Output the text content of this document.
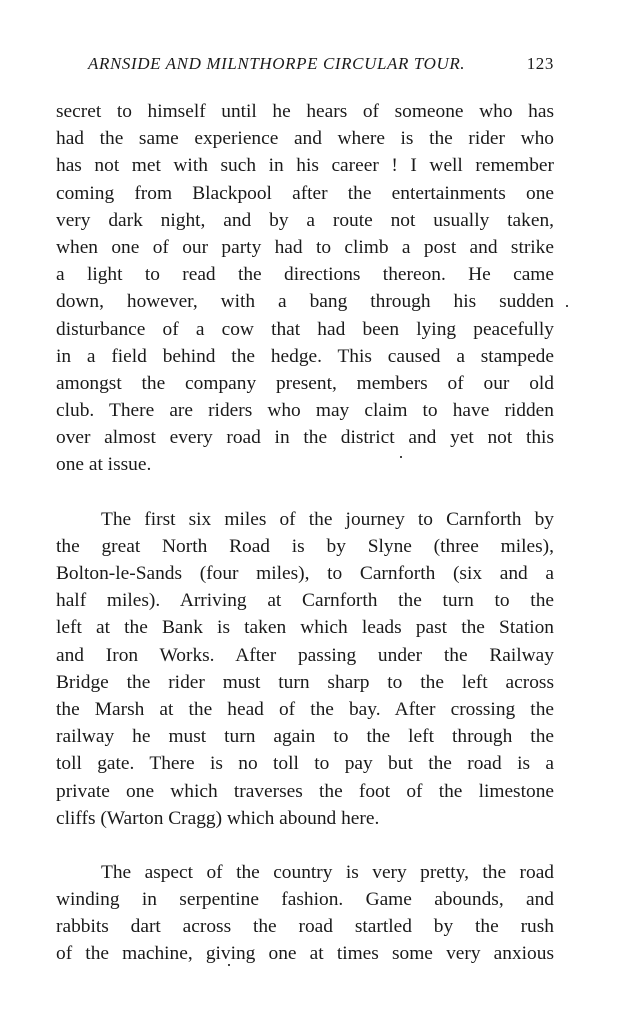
ARNSIDE AND MILNTHORPE CIRCULAR TOUR.	123
secret to himself until he hears of someone who has
had the same experience and where is the rider who
has not met with such in his career ! I well remember
coming from Blackpool after the entertainments one
very dark night, and by a route not usually taken,
when one of our party had to climb a post and strike
a light to read the directions thereon. He came
down, however, with a bang through his sudden
disturbance of a cow that had been lying peacefully
in a field behind the hedge. This caused a stampede
amongst the company present, members of our old
club. There are riders who may claim to have ridden
over almost every road in the district and yet not this
one at issue.
The first six miles of the journey to Carnforth by
the great North Road is by Slyne (three miles),
Bolton-le-Sands (four miles), to Carnforth (six and a
half miles). Arriving at Carnforth the turn to the
left at the Bank is taken which leads past the Station
and Iron Works. After passing under the Railway
Bridge the rider must turn sharp to the left across
the Marsh at the head of the bay. After crossing the
railway he must turn again to the left through the
toll gate. There is no toll to pay but the road is a
private one which traverses the foot of the limestone
cliffs (Warton Cragg) which abound here.
The aspect of the country is very pretty, the road
winding in serpentine fashion. Game abounds, and
rabbits dart across the road startled by the rush
of the machine, giving one at times some very anxious
